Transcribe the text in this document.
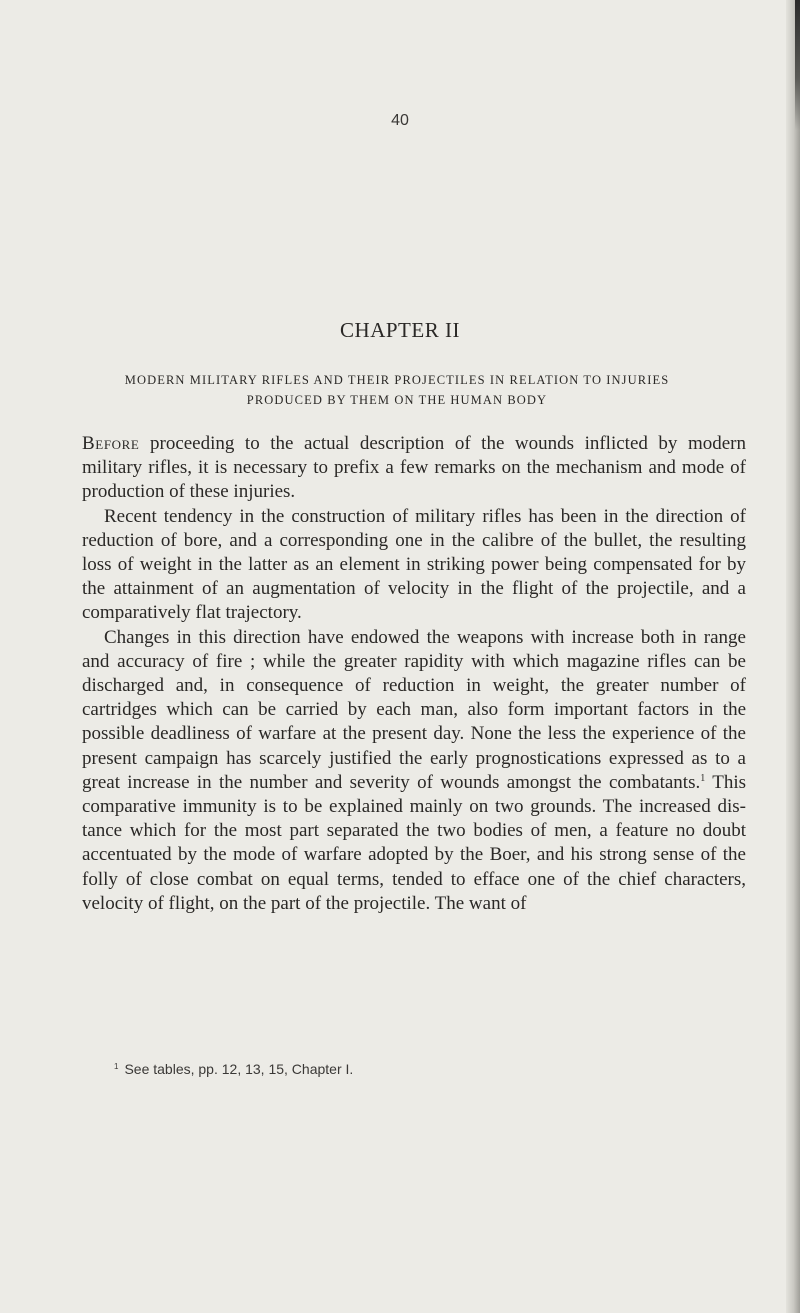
40
CHAPTER II
MODERN MILITARY RIFLES AND THEIR PROJECTILES IN RELATION TO INJURIES PRODUCED BY THEM ON THE HUMAN BODY

Before proceeding to the actual description of the wounds inflicted by modern military rifles, it is necessary to prefix a few remarks on the mechanism and mode of production of these injuries.

Recent tendency in the construction of military rifles has been in the direction of reduction of bore, and a corresponding one in the calibre of the bullet, the resulting loss of weight in the latter as an element in striking power being compensated for by the attainment of an augmentation of velocity in the flight of the projectile, and a comparatively flat trajectory.

Changes in this direction have endowed the weapons with increase both in range and accuracy of fire ; while the greater rapidity with which magazine rifles can be discharged and, in consequence of reduction in weight, the greater number of cartridges which can be carried by each man, also form important factors in the possible deadliness of warfare at the present day. None the less the experience of the present campaign has scarcely justified the early prognostications expressed as to a great increase in the number and severity of wounds amongst the combatants.$^1$ This comparative immunity is to be explained mainly on two grounds. The increased distance which for the most part separated the two bodies of men, a feature no doubt accentuated by the mode of warfare adopted by the Boer, and his strong sense of the folly of close combat on equal terms, tended to efface one of the chief characters, velocity of flight, on the part of the projectile. The want of

$^1$ See tables, pp. 12, 13, 15, Chapter I.
